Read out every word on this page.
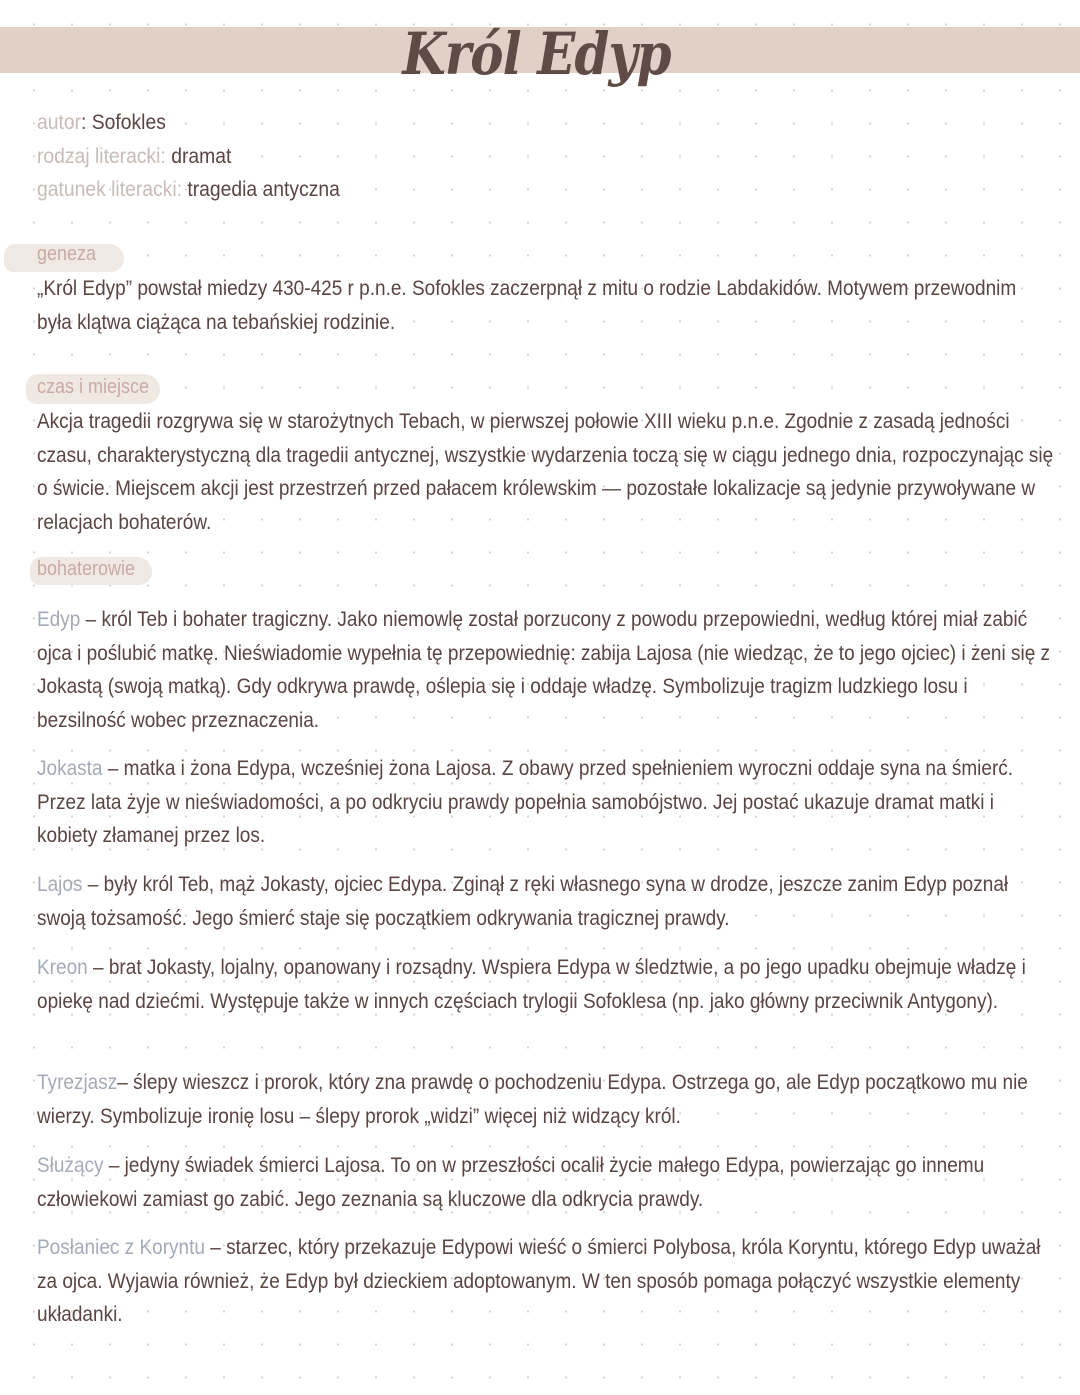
Król Edyp
autor: Sofokles
rodzaj literacki: dramat
gatunek literacki: tragedia antyczna
geneza

„Król Edyp” powstał miedzy 430-425 r p.n.e. Sofokles zaczerpnął z mitu o rodzie Labdakidów. Motywem przewodnim była klątwa ciążąca na tebańskiej rodzinie.

czas i miejsce

Akcja tragedii rozgrywa się w starożytnych Tebach, w pierwszej połowie XIII wieku p.n.e. Zgodnie z zasadą jedności czasu, charakterystyczną dla tragedii antycznej, wszystkie wydarzenia toczą się w ciągu jednego dnia, rozpoczynając się o świcie. Miejscem akcji jest przestrzeń przed pałacem królewskim — pozostałe lokalizacje są jedynie przywoływane w relacjach bohaterów.

bohaterowie

Edyp – król Teb i bohater tragiczny. Jako niemowlę został porzucony z powodu przepowiedni, według której miał zabić ojca i poślubić matkę. Nieświadomie wypełnia tę przepowiednię: zabija Lajosa (nie wiedząc, że to jego ojciec) i żeni się z Jokastą (swoją matką). Gdy odkrywa prawdę, oślepia się i oddaje władzę. Symbolizuje tragizm ludzkiego losu i bezsilność wobec przeznaczenia.

Jokasta – matka i żona Edypa, wcześniej żona Lajosa. Z obawy przed spełnieniem wyroczni oddaje syna na śmierć. Przez lata żyje w nieświadomości, a po odkryciu prawdy popełnia samobójstwo. Jej postać ukazuje dramat matki i kobiety złamanej przez los.

Lajos – były król Teb, mąż Jokasty, ojciec Edypa. Zginął z ręki własnego syna w drodze, jeszcze zanim Edyp poznał swoją tożsamość. Jego śmierć staje się początkiem odkrywania tragicznej prawdy.

Kreon – brat Jokasty, lojalny, opanowany i rozsądny. Wspiera Edypa w śledztwie, a po jego upadku obejmuje władzę i opiekę nad dziećmi. Występuje także w innych częściach trylogii Sofoklesa (np. jako główny przeciwnik Antygony).

Tyrezjasz– ślepy wieszcz i prorok, który zna prawdę o pochodzeniu Edypa. Ostrzega go, ale Edyp początkowo mu nie wierzy. Symbolizuje ironię losu – ślepy prorok „widzi” więcej niż widzący król.

Służący – jedyny świadek śmierci Lajosa. To on w przeszłości ocalił życie małego Edypa, powierzając go innemu człowiekowi zamiast go zabić. Jego zeznania są kluczowe dla odkrycia prawdy.

Posłaniec z Koryntu – starzec, który przekazuje Edypowi wieść o śmierci Polybosa, króla Koryntu, którego Edyp uważał za ojca. Wyjawia również, że Edyp był dzieckiem adoptowanym. W ten sposób pomaga połączyć wszystkie elementy układanki.
